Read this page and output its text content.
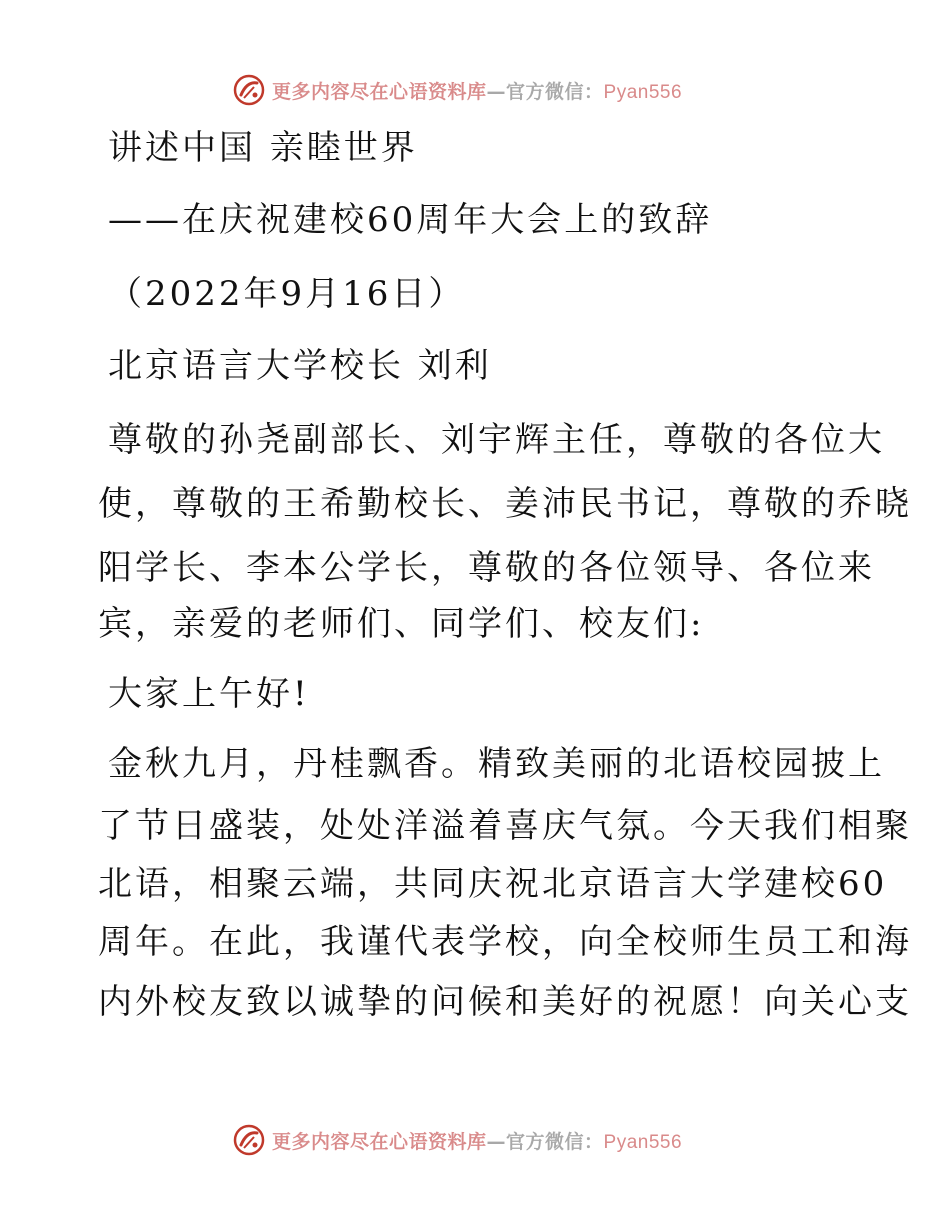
更多内容尽在心语资料库—官方微信：Pyan556
讲述中国 亲睦世界
——在庆祝建校60周年大会上的致辞
（2022年9月16日）
北京语言大学校长 刘利
尊敬的孙尧副部长、刘宇辉主任，尊敬的各位大
使，尊敬的王希勤校长、姜沛民书记，尊敬的乔晓
阳学长、李本公学长，尊敬的各位领导、各位来
宾，亲爱的老师们、同学们、校友们:
大家上午好!
金秋九月，丹桂飘香。精致美丽的北语校园披上
了节日盛装，处处洋溢着喜庆气氛。今天我们相聚
北语，相聚云端，共同庆祝北京语言大学建校60
周年。在此，我谨代表学校，向全校师生员工和海
内外校友致以诚挚的问候和美好的祝愿！向关心支
更多内容尽在心语资料库—官方微信：Pyan556
